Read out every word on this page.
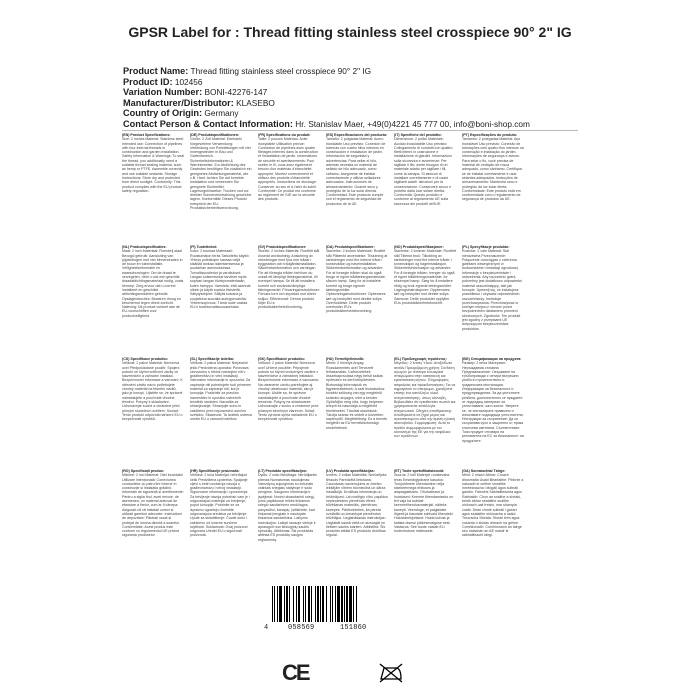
GPSR Label for : Thread fitting stainless steel crosspiece 90° 2" IG
Product Name: Thread fitting stainless steel crosspiece 90° 2" IG
Product ID: 102456
Variation Number: BONI-42276-147
Manufacturer/Distributor: KLASEBO
Country of Origin: Germany
Contact Person & Contact Information: Hr. Stanislav Maer, +49(0)4221 45 777 00, info@boni-shop.com
(EN) Product Specifications:
Size: 2 inches Material: Stainless steel Intended use: Connection of pipelines with four internal threads in construction and garden installation. Safety Information & Warnings: To seal the thread, you additionally need a suitable thread sealing material, such as hemp or PTFE. Assemble correctly and use suitable sealants. Storage Instructions: Store dry and protected from direct sunlight. Conformity: This product complies with the EU product safety regulation.
(DE) Produktspezifikationen:
Größe: 2 Zoll Material: Edelstahl Vorgesehene Verwendung: Verbindung von Rohrleitungen mit vier Innengewinden in Bau und Gartenbereich. Sicherheitsinformationen & Warnhinweise: Zur Abdichtung des Gewindes benötigen Sie zusätzlich ein geeignetes Abdichtungsmaterial, wie z.B. Hanf. Achten Sie auf korrekte Installation und verwenden Sie geeignete Dichtmittel. Lagerungshinweise: Trocken und vor direkter Sonneneinstrahlung geschützt lagern. Konformität: Dieses Produkt entspricht der EU-Produktsicherheitsverordnung.
(FR) Spécifications du produit:
Taille: 2 pouces Matériau: Acier inoxydable Utilisation prévue: Connexion de pipelines avec quatre filetages internes dans la construction et l'installation de jardin. Informations de sécurité et avertissements: Pour sceller le fil, vous avez également besoin d'un matériau d'étanchéité approprié. Montez correctement et utilisez des produits d'étanchéité appropriés. Instructions de stockage: Conserver au sec et à l'abri du soleil. Conformité: Ce produit est conforme au règlement de l'UE sur la sécurité des produits.
(ES) Especificaciones del producto:
Tamaño: 2 pulgadas Material: Acero inoxidable Uso previsto: Conexión de tuberías con cuatro hilos internos en construcción e instalación de jardín. Información de seguridad y advertencias: Para sellar el hilo, además necesita un material de sellado de hilo adecuado, como cáñamo. Asegúrese de instalar correctamente y utilizar selladores adecuados. Instrucciones de almacenamiento: Guarde seco y protegido de la luz solar directa. Conformidad: Este producto cumple con el reglamento de seguridad de productos de la UE.
(IT) Specifiche del prodotto:
Dimensione: 2 pollici Materiale: Acciaio inossidabile Uso previsto: Collegamento di condotti con quattro filetti interni in costruzione e installazione di giardini. Informazioni sulla sicurezza e avvertenze: Per sigillare il filo, avete bisogno di un materiale adatto per sigillare i fili, come la canapa. Si assicuri di installare correttamente e di usare sigillanti adatti. Istruzioni per la conservazione: Conservare secco e protetto dalla luce solare diretta. Conformità: Questo prodotto è conforme al regolamento UE sulla sicurezza dei prodotti dell'UE.
(PT) Especificações do produto:
Tamanho: 2 polegadas Material: Aço inoxidável Uso previsto: Conexão de tubulações com quatro fios internos na construção e instalação do jardim. Informações de segurança e avisos: Para selar o fio, você precisa de material de vedação de rosca adequado, como cânhamo. Certifique-se de instalar corretamente e usar selantes adequados. Instruções de armazenamento: Mantenha seco e protegido da luz solar direta. Conformidade: Este produto está em conformidade com o regulamento de segurança de produtos da UE.
(NL) Productspecificaties:
Maat: 2 inch Materiaal: Roestvrij staal Beoogd gebruik: Aansluiting van pijpleidingen met vier binnendraden in de bouw en tuininstallatie. Veiligheidsinformatie en waarschuwingen: Om de draad te verzegelen, hebt u ook een geschikt draadafdichtingsmateriaal nodig, zoals hennep. Zorg ervoor dat u correct installeert en geschikte afdichtingsmiddelen gebruikt. Opslaginstructies: Bewaren droog en beschermd tegen direct zonlicht. Naleving: Dit product voldoet aan de EU-voorschriften voor productveiligheid.
(FI) Tuotetiedot:
Koko: 2 tuumaa Materiaali: Ruostumaton teräs Tarkoitettu käyttö: Yhteys putkistojen kanssa neljä sisäistä lankaa rakentamisessa ja puutarhan asennuksessa. Turvallisuustiedot ja varoitukset: Langan sulkemiseksi tarvitset myös sopivan langan tiivistysmateriaalin, kuten hamppu. Varmista, että asennat oikein ja käytä sopivia tiivisteitä. Säilytysohjeet: Säilytä kuivana ja suojattuna suoralta auringonvalolta. Yhteensopivuus: Tämä tuote vastaa EU:n tuoteturvallisuusasetusta.
(SV) Produktspecifikationer:
Storlek: 2 inches Material: Rostfritt stål Avsedd användning: Anslutning av rörledningar med fyra inre trådar i byggnation och trädgårdsinstallation. Säkerhetsinformation och varningar: För att försegla tråden behöver du också ett lämpligt tätningsmaterial, till exempel hampa. Se till att installera korrekt och använda lämpliga tätningsmedel. Förvaringsinstruktioner: Förvara torrt och skyddad mot direkt solljus. Efterlevnad: Denna produkt följer EU:s produktsäkerhetsförordning.
(DA) Produktspecifikationer:
Størrelse: 2 inches Materiale: Rustfrit stål Påtænkt anvendelse: Tilslutning af rørledninger med fire interne tråde i konstruktion og haveinstallation. Sikkerhedsinformation og advarsler: For at forsegle tråden skal du også bruge et egnet trådtætningsmateriale, såsom hamp. Sørg for at installere korrekt og bruge egnede tætningsmidler. Opbevaringsinstruktioner: Opbevares tørt og beskyttet mod direkte sollys. Overholdelse: Dette produkt overholder EU's produktsikkerhedsforordning.
(NO) Produktspesifikasjoner:
Størrelse: 2 tommer Materiale: Rustfritt stål Tiltenkt bruk: Tilkobling av rørledninger med fire interne tråder i konstruksjon og hageinstallasjon. Sikkerhetsinformasjon og advarsler: For å forsegle tråden, trenger du også et egnet trådtetningsmateriale, for eksempel hamp. Sørg for å installere riktig og bruk egnede tetningsmidler. Lagringsinstruksjoner: Oppbevares tørt og beskyttet mot direkte sollys. Samsvar: Dette produktet oppfyller EUs produktsikkerhetsforskrift.
(PL) Specyfikacje produktu:
Rozmiar: 2 cale Materiał: Stal nierdzewna Przeznaczenie: Połączenie rurociągów z czterema gwintami wewnętrznymi w budownictwie i instalacji ogrodowej. Informacje o bezpieczeństwie i ostrzeżenia: Aby uszczelnić gwint, potrzebny jest dodatkowo odpowiedni materiał uszczelniający, taki jak konopie. Upewnij się, że instalujesz prawidłowo i używasz odpowiednich uszczelniaczy. Instrukcje przechowywania: Przechowywać w suchym miejscu i chronić przed bezpośrednim działaniem promieni słonecznych. Zgodność: Ten produkt jest zgodny z przepisami UE dotyczącymi bezpieczeństwa produktów.
(CS) Specifikace produktu:
Velikost: 2 palce Materiál: Nerezová ocel Předpokládané použití: Spojení potrubí se čtyřmi vnitřními závity ve stavebnictví a zahradní instalaci. Bezpečnostní informace a varování: K utěsnění závitu navíc potřebujete vhodný materiál na těsnění závitů, jako je konopí. Ujistěte se, že správně nainstalujete a používáte vhodné těsnění. Pokyny k skladování: Uchovávejte suché a chráněné před přímým slunečním světlem. Soulad: Tento produkt odpovídá nařízení EU o bezpečnosti výrobků.
(SL) Specifikacije izdelka:
Velikost: 2 palca Material: Nerjaveče jeklo Predvidena uporaba: Povezava cevovodov s štirimi notranjimi niti v gradbeništvu in vrtni instalaciji. Varnostne informacije in opozorila: Za zapiranje niti potrebujete tudi primeren material za zapiranje niti, kot je konoplja. Poskrbite za pravilno namestitev in uporabo ustreznih tesnilnih sredstev. Navodila za shranjevanje: Shranjujte suho in zaščiteno pred neposredno sončno svetlobo. Skladnost: Ta izdelek ustreza uredbi EU o varnosti izdelkov.
(SK) Špecifikácie produktu:
Veľkosť: 2 palce Materiál: Nerezová oceľ Určené použitie: Pripojenie potrubí so štyrmi vnútornými závitmi v stavebníctve a záhradnej inštalácii. Bezpečnostné informácie a varovania: Na utesnenie závitu potrebujete aj vhodný utesňovací materiál, ako je konope. Uistite sa, že správne nainštalujete a používate vhodné tesnenia. Pokyny na skladovanie: Uchovávajte v suchu a chránené pred priamym slnečným žiarením. Súlad: Tento výrobok spĺňa nariadenie EÚ o bezpečnosti výrobkov.
(HU) Termékjellemzők:
Méret: 2 hüvelyk Anyag: Rozsdamentes acél Tervezett felhasználás: Csővezetékek összekapcsolása négy belső szálas építésben és kerti telepítésben. Biztonsági információk és figyelmeztetések: A szál lezárásához további szükség van egy megfelelő szálzáró anyagra, mint a kender. Győződjön meg róla, hogy helyesen telepíti és használja a megfelelő tömítéseket. Tárolási utasítások: Tárolja száraz és védett a közvetlen napfénytől. Megfelelőség: Ez a termék megfelel az EU termékbiztonsági rendeletének.
(EL) Προδιαγραφές προϊόντος:
Μέγεθος: 2 ίντσες Υλικό: Ανοξείδωτο ατσάλι Προοριζόμενη χρήση: Σύνδεση αγωγών με τέσσερα εσωτερικά σπειρώματα στην κατασκευή και εγκατάσταση κήπου. Πληροφορίες ασφαλείας και προειδοποιήσεις: Για να σφραγίσετε το σπείρωμα, χρειάζεστε επίσης ένα κατάλληλο υλικό στεγανοποίησης, όπως κάνναβη. Βεβαιωθείτε ότι εγκαθιστάτε σωστά και χρησιμοποιείτε κατάλληλα στεγανωτικά. Οδηγίες αποθήκευσης: Αποθηκεύστε σε ξηρό μέρος και προστατευμένο από την άμεση ηλιακή ακτινοβολία. Συμμόρφωση: Αυτό το προϊόν συμμορφώνεται με τον κανονισμό της ΕΕ για την ασφάλεια των προϊόντων.
(BG) Спецификации на продукта:
Размер: 2 инча Материал: Неръждаема стомана Предназначение: Свързване на тръбопроводи с четири вътрешни резби в строителството и градинската инсталация. Информация за безопасност и предупреждения: За да уплътните резбата, допълнително се нуждаете от подходящ материал за уплътняване, като коноп. Уверете се, че инсталирате правилно и използвате подходящи уплътнители. Инструкции за съхранение: Да се съхранява сухо и защитено от пряка слънчева светлина. Съответствие: Този продукт отговаря на регламента на ЕС за безопасност на продуктите.
(RO) Specificații produs:
Mărime: 2 inci Material: Oțel inoxidabil Utilizare intenționată: Conexiunea conductelor cu patru fire interne în construcție și instalația grădinii. Informații de siguranță și avertismente: Pentru a sigila firul, aveți nevoie, de asemenea, un material adecvat de etanșare a firelor, cum ar fi cânepa. Asigurați-vă că instalați corect și utilizați garnituri adecvate. Instrucțiuni de depozitare: Păstrați uscat și protejat de lumina directă a soarelui. Conformitate: Acest produs este conform cu regulamentul UE privind siguranța produselor.
(HR) Specifikacije proizvoda:
Veličina: 2 inča Materijal: nehrđajući čelik Predviđena upotreba: Spajanje cijevi s četiri unutarnja navoja u građevinarstvu i vrtnoj instalaciji. Sigurnosne informacije i upozorenja: Za brtvljenje navoja potreban vam je i odgovarajući materijal za brtvljenje, poput konoplje. Pobrinite se za ispravnu ugradnju i koristite odgovarajuća sredstva za brtvljenje. Upute za skladištenje: Čuvati suho i zaštićeno od izravne sunčeve svjetlosti. Sukladnost: Ovaj proizvod odgovara Uredbi EU o sigurnosti proizvoda.
(LT) Produkto specifikacijos:
Dydis: 2 colio Medžiaga: Nerūdijantis plienas Numatomas naudojimas: Vamzdynų sujungimas su keturiais vidiniais sriegiais statyboje ir sodo įrengime. Saugumo informacija ir įspėjimai: Norint užsandarinti sriegį, jums papildomai reikės tinkamos sriegio sandarinimo medžiagos, pavyzdžiui, kanapių. Įsitikinkite, kad tinkamai įrengiate ir naudojate tinkamus sandariklius. Laikymo instrukcijos: Laikyti sausoje vietoje ir apsaugoti nuo tiesioginių saulės spindulių. Atitikimas: Šis produktas atitinka ES produktų saugos reglamentą.
(LV) Produkta specifikācijas:
Izmērs: 2 collas Materiāls: Nerūsējošs tērauds Paredzētā lietošana: Cauruļvadu savienojums ar četrām iekšējām vītnēm būvniecībā un dārza instalācijā. Drošības informācija un brīdinājumi: Lai noslēgtu vītni, papildus nepieciešams piemērots vītnes blīvēšanas materiāls, piemēram, kaņepes. Pārliecinieties, ka pareizi uzstādāt un izmantojat piemērotus blīvētājus. Uzglabāšanas instrukcijas: Uzglabāt sausā vietā un aizsargāt no tiešiem saules stariem. Atbilstība: Šis produkts atbilst ES produktu drošības regulai.
(ET) Toote spetsifikatsioonid:
Suurus: 2 tolli Materjal: roostevaba teras Eesmärgipärane kasutus: Torujuhtmete ühendamine nelja sisekeermega ehituses ja aiapaigalduses. Ohutusteave ja hoiatused: Keerme tihendamiseks on teil vaja ka sobivat keermetihendusmaterjali, näiteks kanepit. Veenduge, et paigaldate õigesti ja kasutate sobivaid tihendeid. Hoiustamisjuhised: Hoida kuivas ja kaitsta otsese päikesevalguse eest. Vastavus: See toode vastab ELi tooteohutuse määrusele.
(GA) Sonraíochtaí Táirge:
Méid: 2 orlach Ábhar: Cruach dhosmálta Úsáid Beartaithe: Píblínte a nascadh le ceithre shnáithe inmheánacha i dtógáil agus suiteáil gairdín. Faisnéis Sábháilteachta agus Rabhaidh: Chun an snáithe a shéalú, beidh ábhar séalaithe snáithe oiriúnach uait freisin, mar shampla cnáib. Déan cinnte suiteáil i gceart agus séalaithe oiriúnacha a úsáid. Treoracha Stórála: Stóráil tirim agus cosanta ó sholas díreach na gréine. Comhlíonadh: Comhlíonann an táirge seo rialachán an AE maidir le sábháilteacht táirgí.
4	058569	151860
CE
